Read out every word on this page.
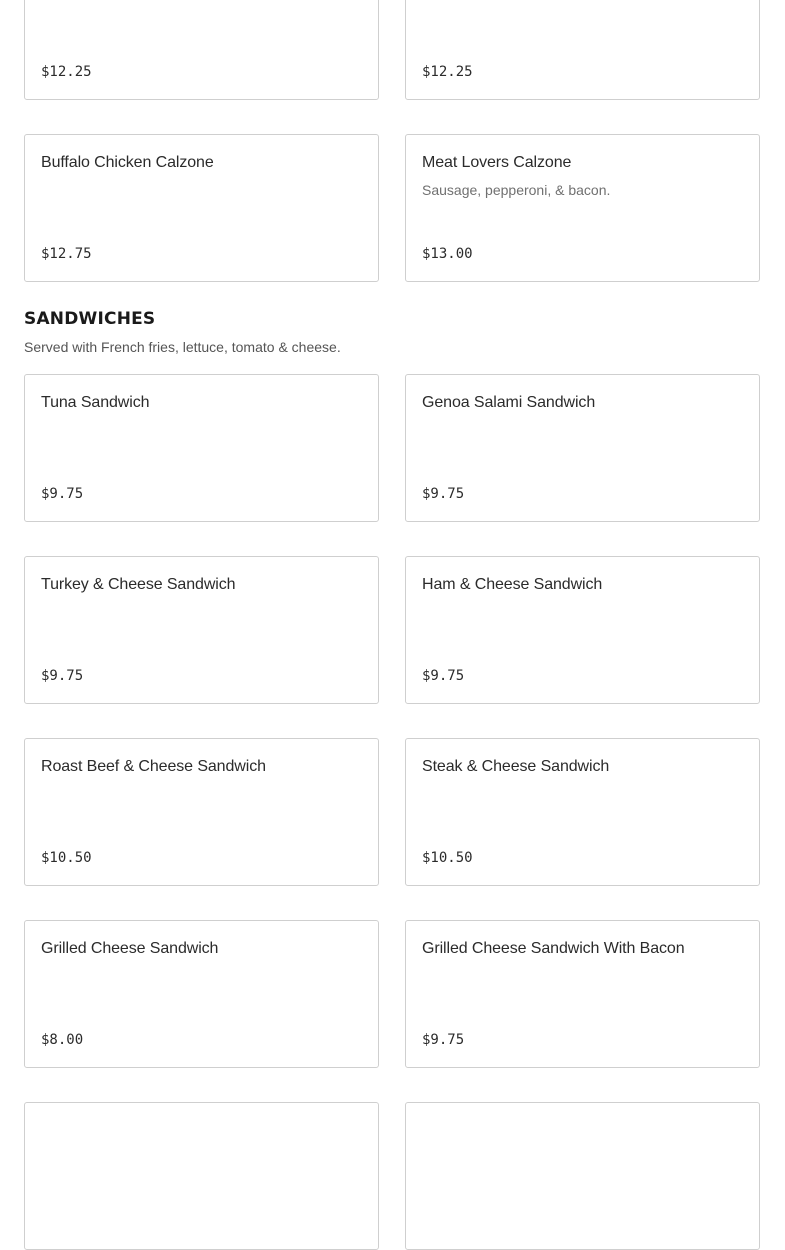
$12.25	$12.25
Buffalo Chicken Calzone
$12.75
Meat Lovers Calzone
Sausage, pepperoni, & bacon.
$13.00
SANDWICHES

Served with French fries, lettuce, tomato & cheese.

Tuna Sandwich
$9.75
Genoa Salami Sandwich
$9.75
Turkey & Cheese Sandwich
$9.75
Ham & Cheese Sandwich
$9.75
Roast Beef & Cheese Sandwich
$10.50
Steak & Cheese Sandwich
$10.50
Grilled Cheese Sandwich
$8.00
Grilled Cheese Sandwich With Bacon
$9.75
